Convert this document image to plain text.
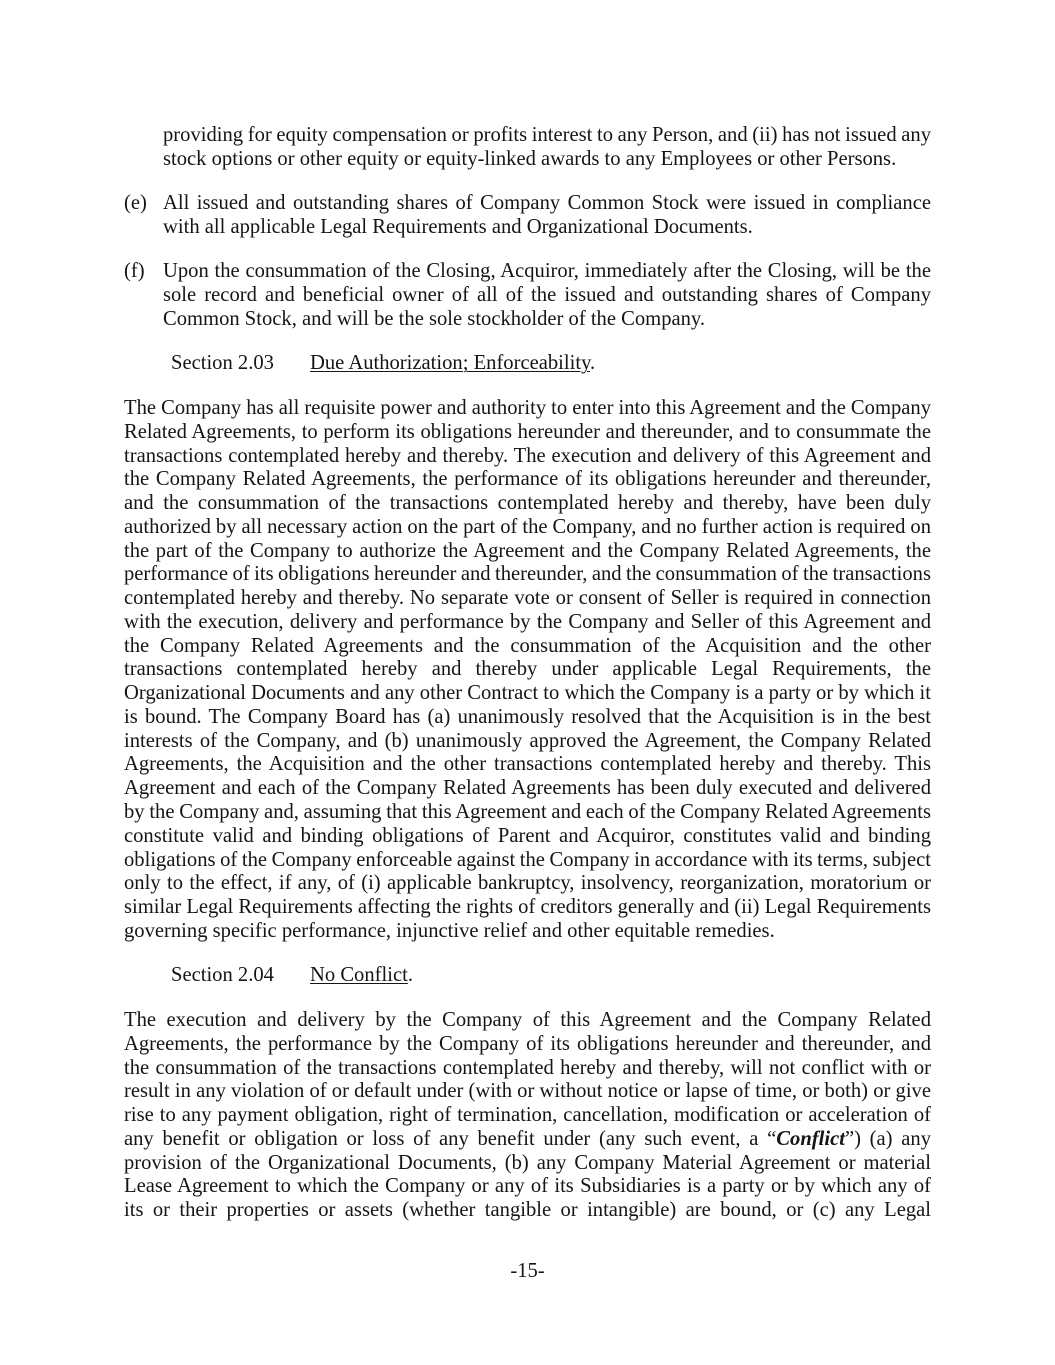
providing for equity compensation or profits interest to any Person, and (ii) has not issued any
stock options or other equity or equity-linked awards to any Employees or other Persons.
(e) All issued and outstanding shares of Company Common Stock were issued in compliance
with all applicable Legal Requirements and Organizational Documents.
(f) Upon the consummation of the Closing, Acquiror, immediately after the Closing, will be the
sole record and beneficial owner of all of the issued and outstanding shares of Company
Common Stock, and will be the sole stockholder of the Company.
Section 2.03 Due Authorization; Enforceability.
The Company has all requisite power and authority to enter into this Agreement and the Company
Related Agreements, to perform its obligations hereunder and thereunder, and to consummate the
transactions contemplated hereby and thereby. The execution and delivery of this Agreement and
the Company Related Agreements, the performance of its obligations hereunder and thereunder,
and the consummation of the transactions contemplated hereby and thereby, have been duly
authorized by all necessary action on the part of the Company, and no further action is required on
the part of the Company to authorize the Agreement and the Company Related Agreements, the
performance of its obligations hereunder and thereunder, and the consummation of the transactions
contemplated hereby and thereby. No separate vote or consent of Seller is required in connection
with the execution, delivery and performance by the Company and Seller of this Agreement and
the Company Related Agreements and the consummation of the Acquisition and the other
transactions contemplated hereby and thereby under applicable Legal Requirements, the
Organizational Documents and any other Contract to which the Company is a party or by which it
is bound. The Company Board has (a) unanimously resolved that the Acquisition is in the best
interests of the Company, and (b) unanimously approved the Agreement, the Company Related
Agreements, the Acquisition and the other transactions contemplated hereby and thereby. This
Agreement and each of the Company Related Agreements has been duly executed and delivered
by the Company and, assuming that this Agreement and each of the Company Related Agreements
constitute valid and binding obligations of Parent and Acquiror, constitutes valid and binding
obligations of the Company enforceable against the Company in accordance with its terms, subject
only to the effect, if any, of (i) applicable bankruptcy, insolvency, reorganization, moratorium or
similar Legal Requirements affecting the rights of creditors generally and (ii) Legal Requirements
governing specific performance, injunctive relief and other equitable remedies.
Section 2.04 No Conflict.
The execution and delivery by the Company of this Agreement and the Company Related
Agreements, the performance by the Company of its obligations hereunder and thereunder, and
the consummation of the transactions contemplated hereby and thereby, will not conflict with or
result in any violation of or default under (with or without notice or lapse of time, or both) or give
rise to any payment obligation, right of termination, cancellation, modification or acceleration of
any benefit or obligation or loss of any benefit under (any such event, a “Conflict”) (a) any
provision of the Organizational Documents, (b) any Company Material Agreement or material
Lease Agreement to which the Company or any of its Subsidiaries is a party or by which any of
its or their properties or assets (whether tangible or intangible) are bound, or (c) any Legal
-15-
